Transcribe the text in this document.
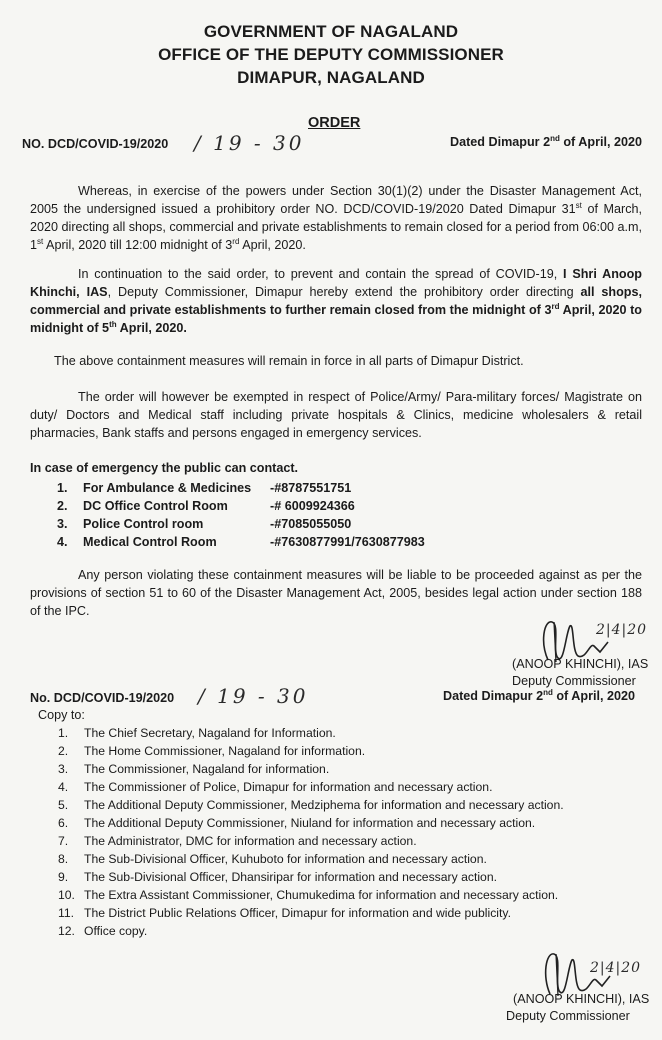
GOVERNMENT OF NAGALAND
OFFICE OF THE DEPUTY COMMISSIONER
DIMAPUR, NAGALAND
ORDER
NO. DCD/COVID-19/2020 / 19 - 30	Dated Dimapur 2nd of April, 2020
Whereas, in exercise of the powers under Section 30(1)(2) under the Disaster Management Act, 2005 the undersigned issued a prohibitory order NO. DCD/COVID-19/2020 Dated Dimapur 31st of March, 2020 directing all shops, commercial and private establishments to remain closed for a period from 06:00 a.m, 1st April, 2020 till 12:00 midnight of 3rd April, 2020.
In continuation to the said order, to prevent and contain the spread of COVID-19, I Shri Anoop Khinchi, IAS, Deputy Commissioner, Dimapur hereby extend the prohibitory order directing all shops, commercial and private establishments to further remain closed from the midnight of 3rd April, 2020 to midnight of 5th April, 2020.
The above containment measures will remain in force in all parts of Dimapur District.
The order will however be exempted in respect of Police/Army/ Para-military forces/ Magistrate on duty/ Doctors and Medical staff including private hospitals & Clinics, medicine wholesalers & retail pharmacies, Bank staffs and persons engaged in emergency services.
In case of emergency the public can contact.
1. For Ambulance & Medicines -#8787551751
2. DC Office Control Room	-# 6009924366
3. Police Control room	-#7085055050
4. Medical Control Room	-#7630877991/7630877983
Any person violating these containment measures will be liable to be proceeded against as per the provisions of section 51 to 60 of the Disaster Management Act, 2005, besides legal action under section 188 of the IPC.
2|4|20
(ANOOP KHINCHI), IAS
Deputy Commissioner
No. DCD/COVID-19/2020 / 19 - 30	Dated Dimapur 2nd of April, 2020
Copy to:
1. The Chief Secretary, Nagaland for Information.
2. The Home Commissioner, Nagaland for information.
3. The Commissioner, Nagaland for information.
4. The Commissioner of Police, Dimapur for information and necessary action.
5. The Additional Deputy Commissioner, Medziphema for information and necessary action.
6. The Additional Deputy Commissioner, Niuland for information and necessary action.
7. The Administrator, DMC for information and necessary action.
8. The Sub-Divisional Officer, Kuhuboto for information and necessary action.
9. The Sub-Divisional Officer, Dhansiripar for information and necessary action.
10. The Extra Assistant Commissioner, Chumukedima for information and necessary action.
11. The District Public Relations Officer, Dimapur for information and wide publicity.
12. Office copy.
2|4|20
(ANOOP KHINCHI), IAS
Deputy Commissioner
